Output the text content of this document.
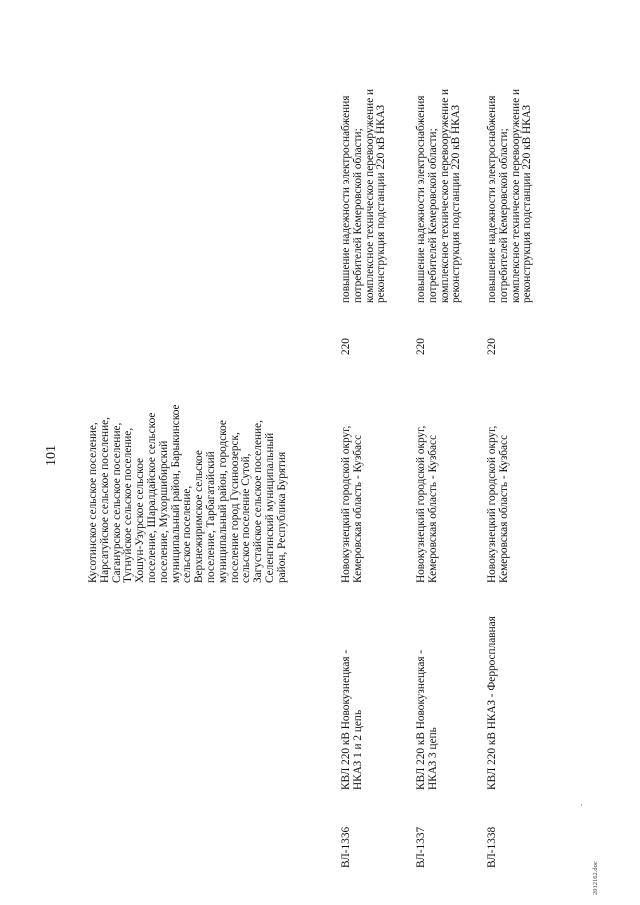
101
Кусотинское сельское поселение,
Нарсатуйское сельское поселение,
Саганурское сельское поселение,
Тугнуйское сельское поселение,
Хошун-Узурское сельское
поселение, Шаралдайское сельское
поселение, Мухоршибирский
муниципальный район, Барыкинское
сельское поселение,
Верхнежиримское сельское
поселение, Тарбагатайский
муниципальный район, городское
поселение город Гусиноозерск,
сельское поселение Сутой,
Загустайское сельское поселение,
Селенгинский муниципальный
район, Республика Бурятия
ВЛ-1336
КВЛ 220 кВ Новокузнецкая -
НКАЗ 1 и 2 цепь
Новокузнецкий городской округ,
Кемеровская область - Кузбасс
220
повышение надежности электроснабжения
потребителей Кемеровской области;
комплексное техническое перевооружение и
реконструкция подстанции 220 кВ НКАЗ
ВЛ-1337
КВЛ 220 кВ Новокузнецкая -
НКАЗ 3 цепь
Новокузнецкий городской округ,
Кемеровская область - Кузбасс
220
повышение надежности электроснабжения
потребителей Кемеровской области;
комплексное техническое перевооружение и
реконструкция подстанции 220 кВ НКАЗ
ВЛ-1338
КВЛ 220 кВ НКАЗ - Ферросплавная
Новокузнецкий городской округ,
Кемеровская область - Кузбасс
220
повышение надежности электроснабжения
потребителей Кемеровской области;
комплексное техническое перевооружение и
реконструкция подстанции 220 кВ НКАЗ
-
2012162.doc
